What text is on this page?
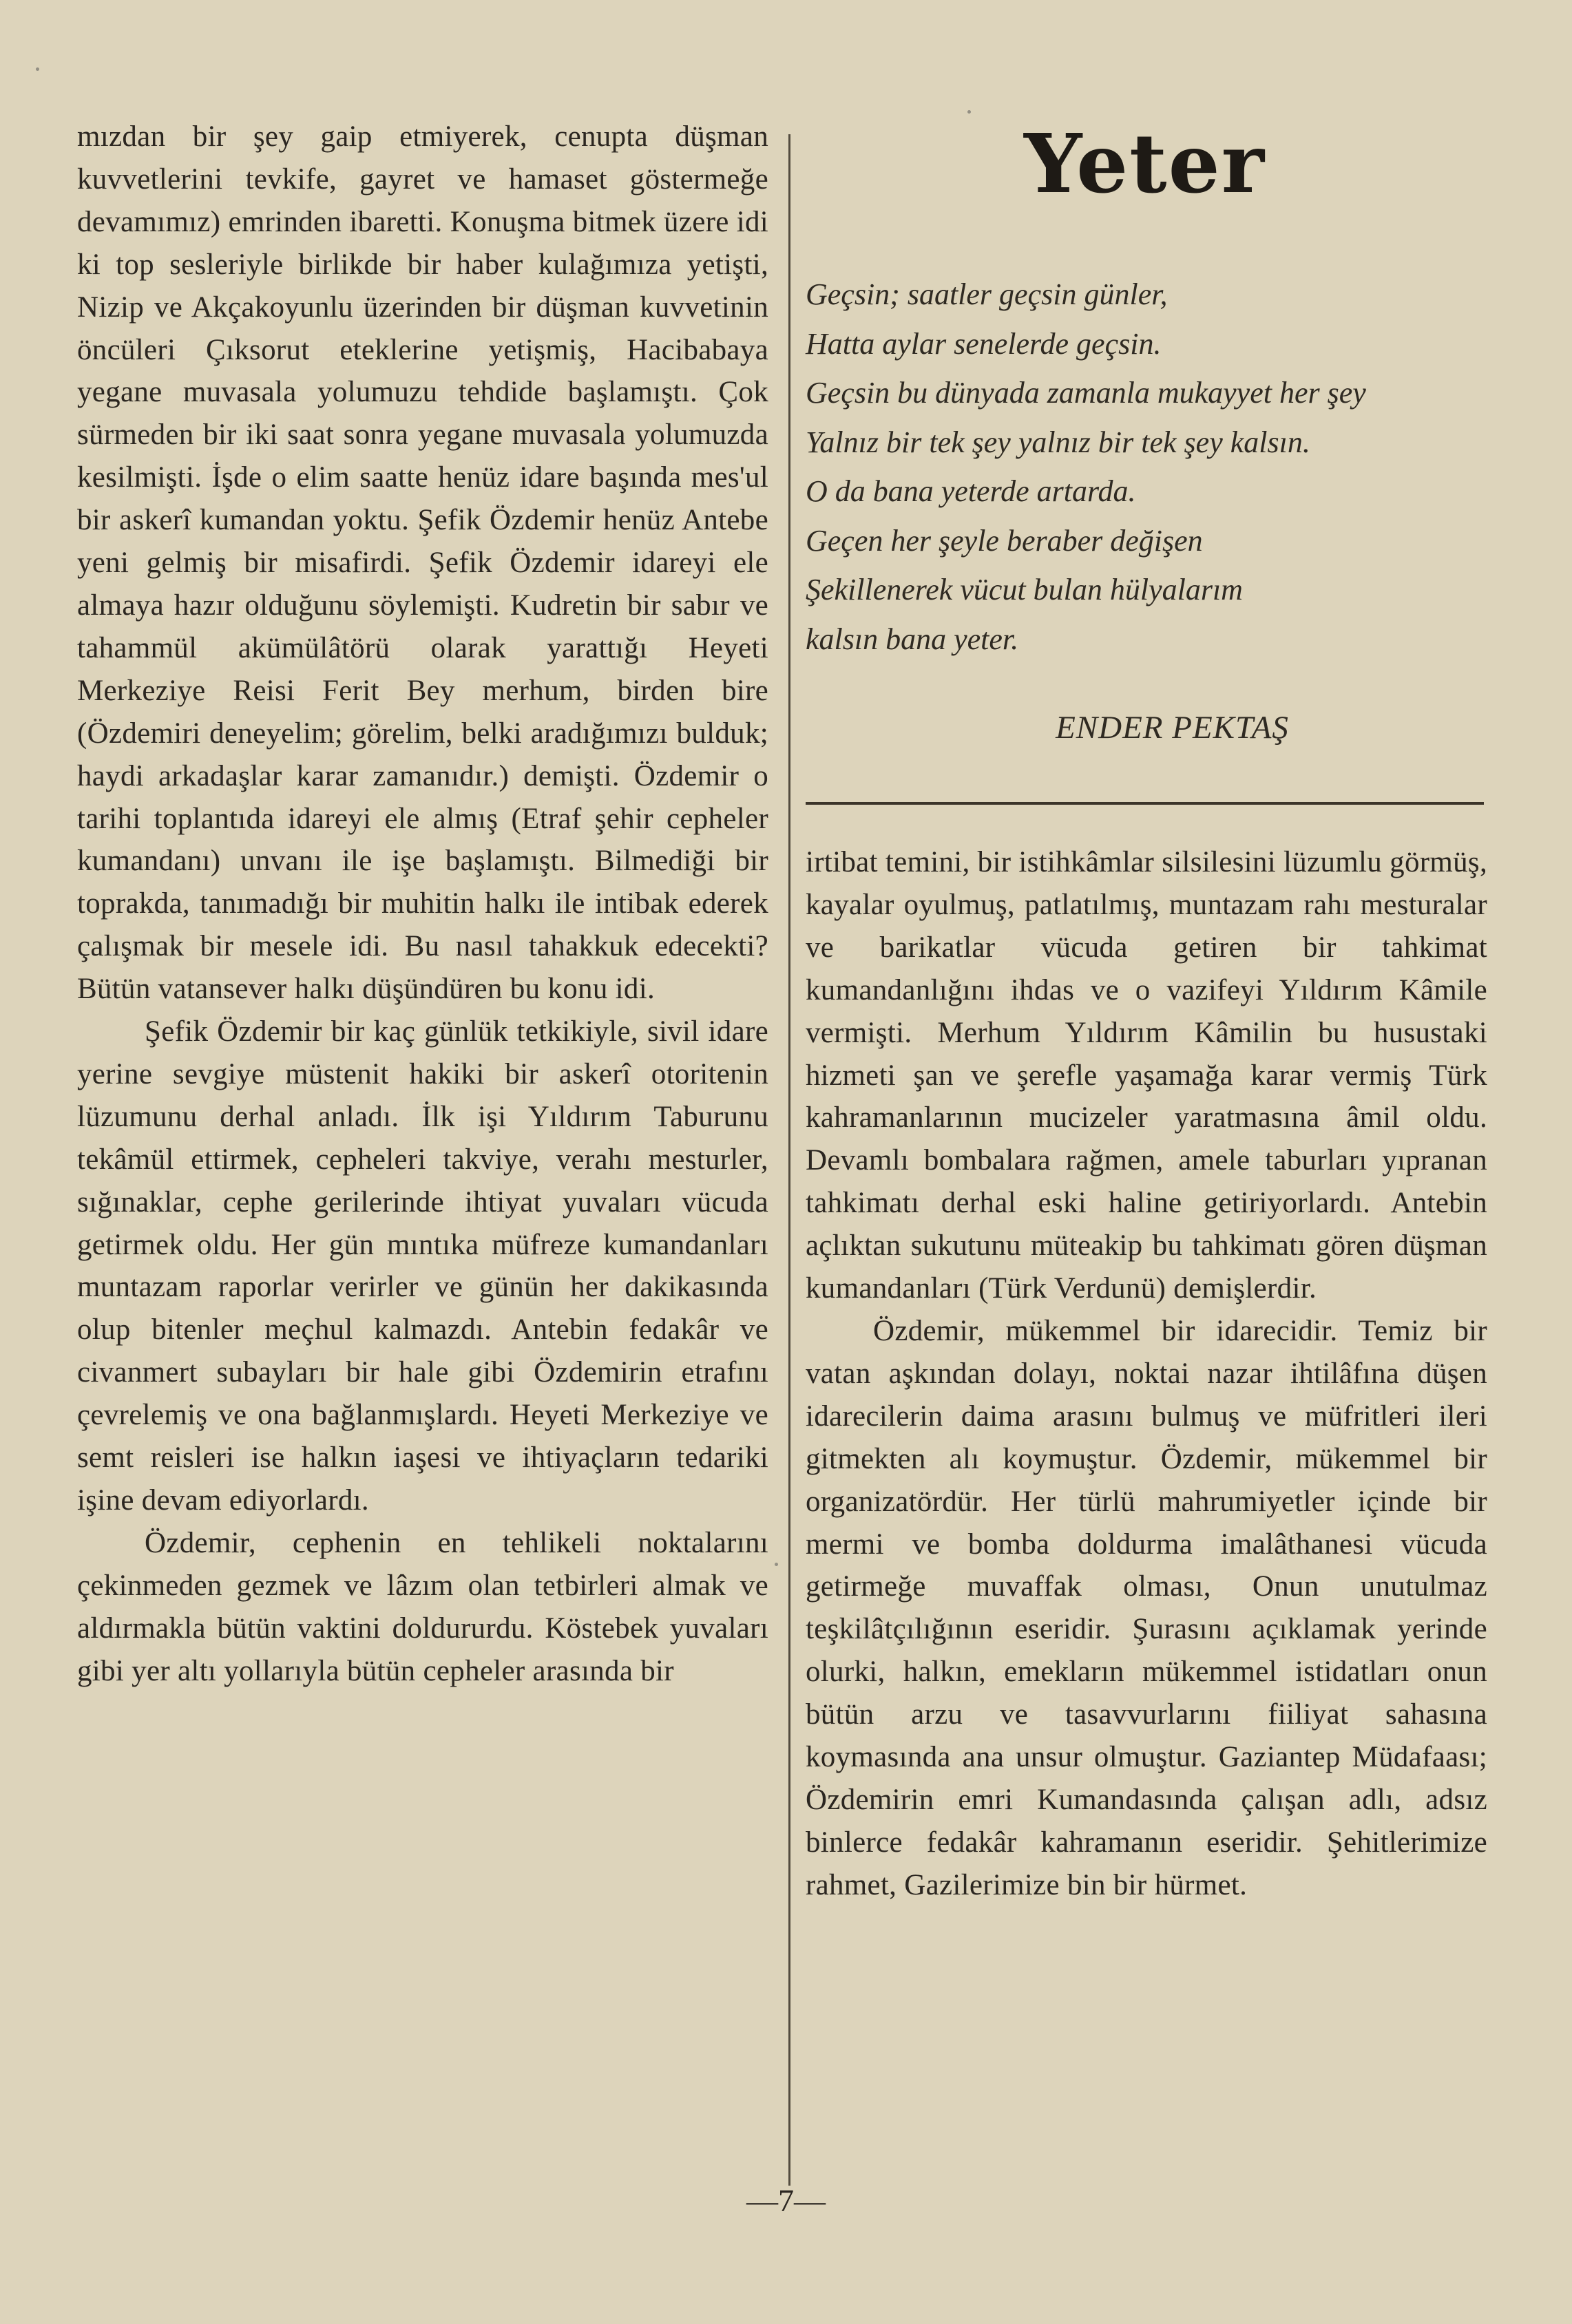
mızdan bir şey gaip etmiyerek, cenupta düşman kuvvetlerini tevkife, gayret ve hamaset göstermeğe devamımız) emrinden ibaretti. Konuşma bitmek üzere idi ki top sesleriyle birlikde bir haber kulağımıza yetişti, Nizip ve Akçakoyunlu üzerinden bir düşman kuvvetinin öncüleri Çıksorut eteklerine yetişmiş, Hacibabaya yegane muvasala yolumuzu tehdide başlamıştı. Çok sürmeden bir iki saat sonra yegane muvasala yolumuzda kesilmişti. İşde o elim saatte henüz idare başında mes'ul bir askerî kumandan yoktu. Şefik Özdemir henüz Antebe yeni gelmiş bir misafirdi. Şefik Özdemir idareyi ele almaya hazır olduğunu söylemişti. Kudretin bir sabır ve tahammül akümülâtörü olarak yarattığı Heyeti Merkeziye Reisi Ferit Bey merhum, birden bire (Özdemiri deneyelim; görelim, belki aradığımızı bulduk; haydi arkadaşlar karar zamanıdır.) demişti. Özdemir o tarihi toplantıda idareyi ele almış (Etraf şehir cepheler kumandanı) unvanı ile işe başlamıştı. Bilmediği bir toprakda, tanımadığı bir muhitin halkı ile intibak ederek çalışmak bir mesele idi. Bu nasıl tahakkuk edecekti? Bütün vatansever halkı düşündüren bu konu idi.

Şefik Özdemir bir kaç günlük tetkikiyle, sivil idare yerine sevgiye müstenit hakiki bir askerî otoritenin lüzumunu derhal anladı. İlk işi Yıldırım Taburunu tekâmül ettirmek, cepheleri takviye, verahı mesturler, sığınaklar, cephe gerilerinde ihtiyat yuvaları vücuda getirmek oldu. Her gün mıntıka müfreze kumandanları muntazam raporlar verirler ve günün her dakikasında olup bitenler meçhul kalmazdı. Antebin fedakâr ve civanmert subayları bir hale gibi Özdemirin etrafını çevrelemiş ve ona bağlanmışlardı. Heyeti Merkeziye ve semt reisleri ise halkın iaşesi ve ihtiyaçların tedariki işine devam ediyorlardı.

Özdemir, cephenin en tehlikeli noktalarını çekinmeden gezmek ve lâzım olan tetbirleri almak ve aldırmakla bütün vaktini doldururdu. Köstebek yuvaları gibi yer altı yollarıyla bütün cepheler arasında bir

Yeter
Geçsin; saatler geçsin günler,
Hatta aylar senelerde geçsin.
Geçsin bu dünyada zamanla mukayyet her şey
Yalnız bir tek şey yalnız bir tek şey kalsın.
O da bana yeterde artarda.
Geçen her şeyle beraber değişen
Şekillenerek vücut bulan hülyalarım
kalsın bana yeter.
ENDER PEKTAŞ

irtibat temini, bir istihkâmlar silsilesini lüzumlu görmüş, kayalar oyulmuş, patlatılmış, muntazam rahı mesturalar ve barikatlar vücuda getiren bir tahkimat kumandanlığını ihdas ve o vazifeyi Yıldırım Kâmile vermişti. Merhum Yıldırım Kâmilin bu husustaki hizmeti şan ve şerefle yaşamağa karar vermiş Türk kahramanlarının mucizeler yaratmasına âmil oldu. Devamlı bombalara rağmen, amele taburları yıpranan tahkimatı derhal eski haline getiriyorlardı. Antebin açlıktan sukutunu müteakip bu tahkimatı gören düşman kumandanları (Türk Verdunü) demişlerdir.

Özdemir, mükemmel bir idarecidir. Temiz bir vatan aşkından dolayı, noktai nazar ihtilâfına düşen idarecilerin daima arasını bulmuş ve müfritleri ileri gitmekten alı koymuştur. Özdemir, mükemmel bir organizatördür. Her türlü mahrumiyetler içinde bir mermi ve bomba doldurma imalâthanesi vücuda getirmeğe muvaffak olması, Onun unutulmaz teşkilâtçılığının eseridir. Şurasını açıklamak yerinde olurki, halkın, emekların mükemmel istidatları onun bütün arzu ve tasavvurlarını fiiliyat sahasına koymasında ana unsur olmuştur. Gaziantep Müdafaası; Özdemirin emri Kumandasında çalışan adlı, adsız binlerce fedakâr kahramanın eseridir. Şehitlerimize rahmet, Gazilerimize bin bir hürmet.

—7—
